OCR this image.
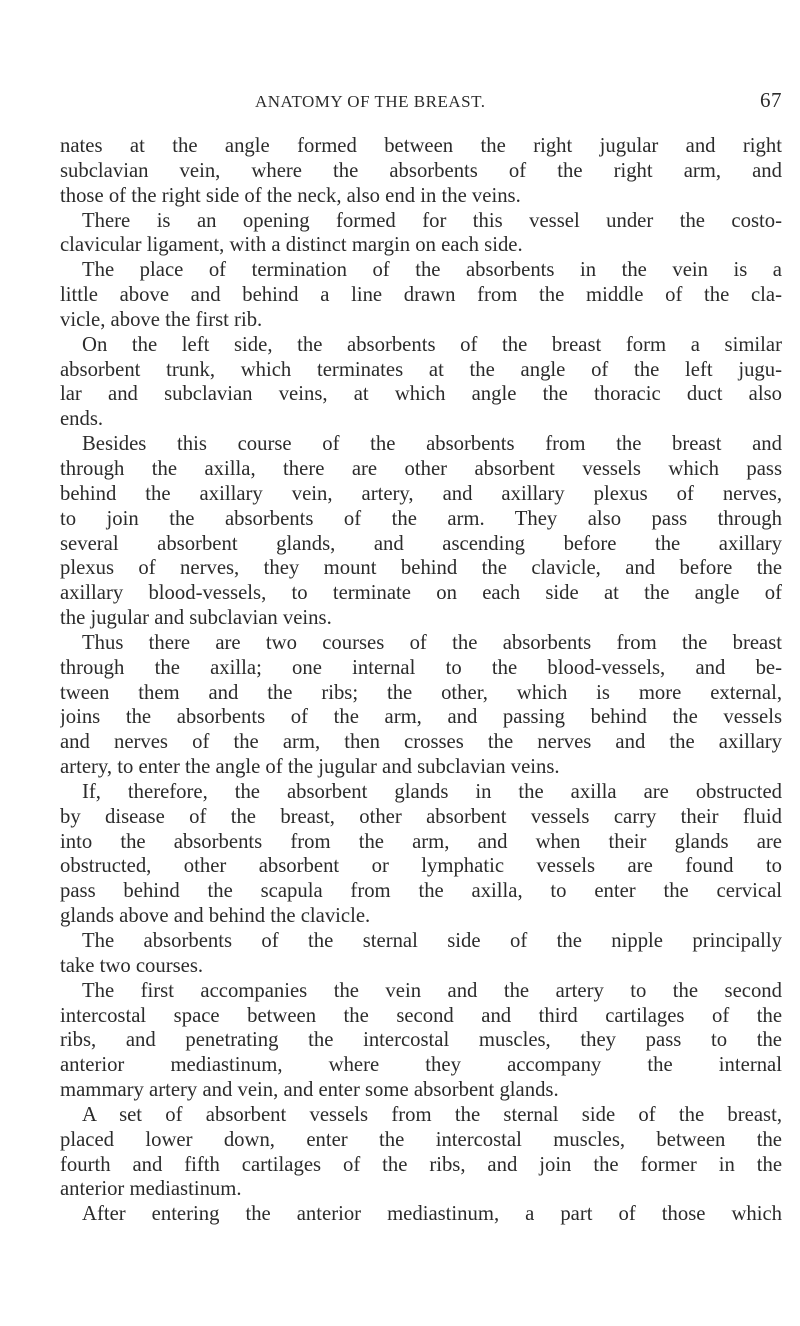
ANATOMY OF THE BREAST.	67
nates at the angle formed between the right jugular and right
subclavian vein, where the absorbents of the right arm, and
those of the right side of the neck, also end in the veins.
There is an opening formed for this vessel under the costo-
clavicular ligament, with a distinct margin on each side.
The place of termination of the absorbents in the vein is a
little above and behind a line drawn from the middle of the cla-
vicle, above the first rib.
On the left side, the absorbents of the breast form a similar
absorbent trunk, which terminates at the angle of the left jugu-
lar and subclavian veins, at which angle the thoracic duct also
ends.
Besides this course of the absorbents from the breast and
through the axilla, there are other absorbent vessels which pass
behind the axillary vein, artery, and axillary plexus of nerves,
to join the absorbents of the arm. They also pass through
several absorbent glands, and ascending before the axillary
plexus of nerves, they mount behind the clavicle, and before the
axillary blood-vessels, to terminate on each side at the angle of
the jugular and subclavian veins.
Thus there are two courses of the absorbents from the breast
through the axilla; one internal to the blood-vessels, and be-
tween them and the ribs; the other, which is more external,
joins the absorbents of the arm, and passing behind the vessels
and nerves of the arm, then crosses the nerves and the axillary
artery, to enter the angle of the jugular and subclavian veins.
If, therefore, the absorbent glands in the axilla are obstructed
by disease of the breast, other absorbent vessels carry their fluid
into the absorbents from the arm, and when their glands are
obstructed, other absorbent or lymphatic vessels are found to
pass behind the scapula from the axilla, to enter the cervical
glands above and behind the clavicle.
The absorbents of the sternal side of the nipple principally
take two courses.
The first accompanies the vein and the artery to the second
intercostal space between the second and third cartilages of the
ribs, and penetrating the intercostal muscles, they pass to the
anterior mediastinum, where they accompany the internal
mammary artery and vein, and enter some absorbent glands.
A set of absorbent vessels from the sternal side of the breast,
placed lower down, enter the intercostal muscles, between the
fourth and fifth cartilages of the ribs, and join the former in the
anterior mediastinum.
After entering the anterior mediastinum, a part of those which
